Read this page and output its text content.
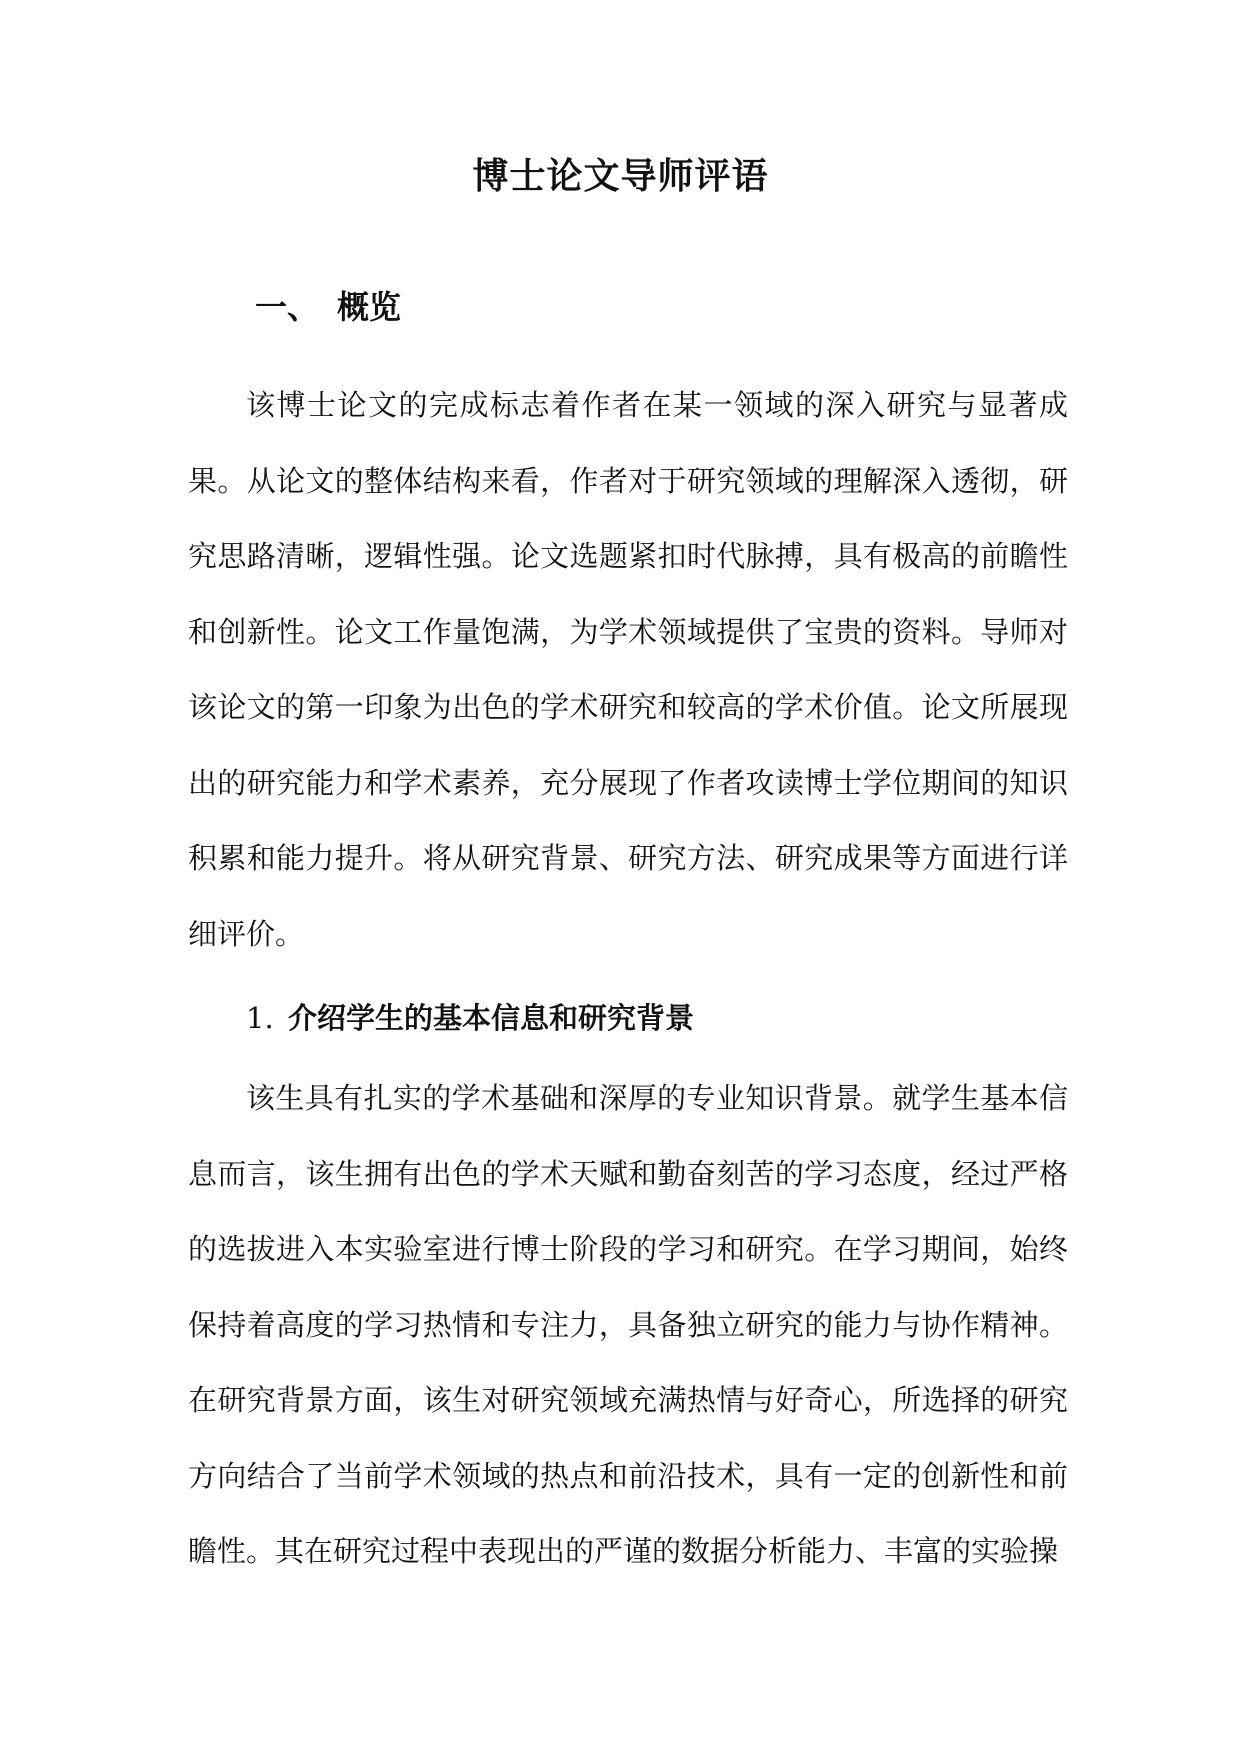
博士论文导师评语
一、 概览

该博士论文的完成标志着作者在某一领域的深入研究与显著成果。从论文的整体结构来看，作者对于研究领域的理解深入透彻，研究思路清晰，逻辑性强。论文选题紧扣时代脉搏，具有极高的前瞻性和创新性。论文工作量饱满，为学术领域提供了宝贵的资料。导师对该论文的第一印象为出色的学术研究和较高的学术价值。论文所展现出的研究能力和学术素养，充分展现了作者攻读博士学位期间的知识积累和能力提升。将从研究背景、研究方法、研究成果等方面进行详细评价。

1. 介绍学生的基本信息和研究背景

该生具有扎实的学术基础和深厚的专业知识背景。就学生基本信息而言，该生拥有出色的学术天赋和勤奋刻苦的学习态度，经过严格的选拔进入本实验室进行博士阶段的学习和研究。在学习期间，始终保持着高度的学习热情和专注力，具备独立研究的能力与协作精神。在研究背景方面，该生对研究领域充满热情与好奇心，所选择的研究方向结合了当前学术领域的热点和前沿技术，具有一定的创新性和前瞻性。其在研究过程中表现出的严谨的数据分析能力、丰富的实验操
